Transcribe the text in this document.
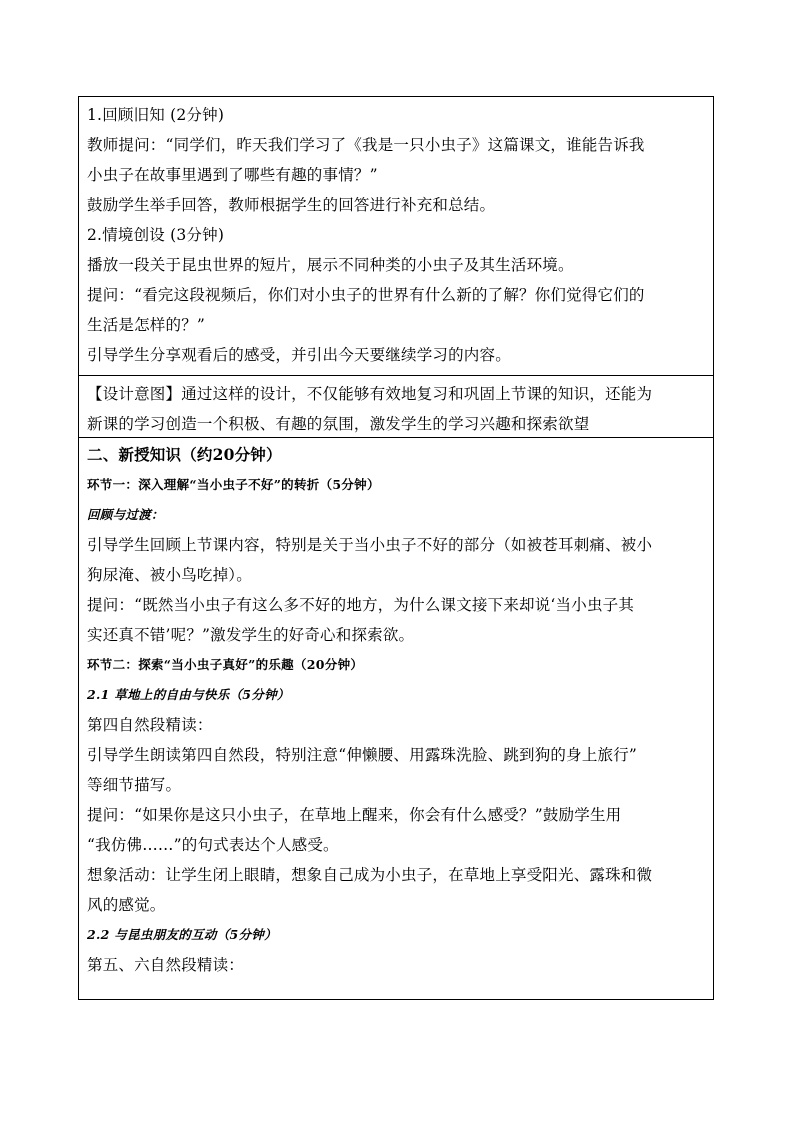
1.回顾旧知 (2分钟)
教师提问：“同学们，昨天我们学习了《我是一只小虫子》这篇课文，谁能告诉我
小虫子在故事里遇到了哪些有趣的事情？”
鼓励学生举手回答，教师根据学生的回答进行补充和总结。
2.情境创设 (3分钟)
播放一段关于昆虫世界的短片，展示不同种类的小虫子及其生活环境。
提问：“看完这段视频后，你们对小虫子的世界有什么新的了解？你们觉得它们的
生活是怎样的？”
引导学生分享观看后的感受，并引出今天要继续学习的内容。
【设计意图】通过这样的设计，不仅能够有效地复习和巩固上节课的知识，还能为
新课的学习创造一个积极、有趣的氛围，激发学生的学习兴趣和探索欲望
二、新授知识（约20分钟）
环节一：深入理解“当小虫子不好”的转折（5分钟）
回顾与过渡：
引导学生回顾上节课内容，特别是关于当小虫子不好的部分（如被苍耳刺痛、被小
狗尿淹、被小鸟吃掉）。
提问：“既然当小虫子有这么多不好的地方，为什么课文接下来却说‘当小虫子其
实还真不错’呢？”激发学生的好奇心和探索欲。
环节二：探索“当小虫子真好”的乐趣（20分钟）
2.1 草地上的自由与快乐（5分钟）
第四自然段精读：
引导学生朗读第四自然段，特别注意“伸懒腰、用露珠洗脸、跳到狗的身上旅行”
等细节描写。
提问：“如果你是这只小虫子，在草地上醒来，你会有什么感受？”鼓励学生用
“我仿佛……”的句式表达个人感受。
想象活动：让学生闭上眼睛，想象自己成为小虫子，在草地上享受阳光、露珠和微
风的感觉。
2.2 与昆虫朋友的互动（5分钟）
第五、六自然段精读：
